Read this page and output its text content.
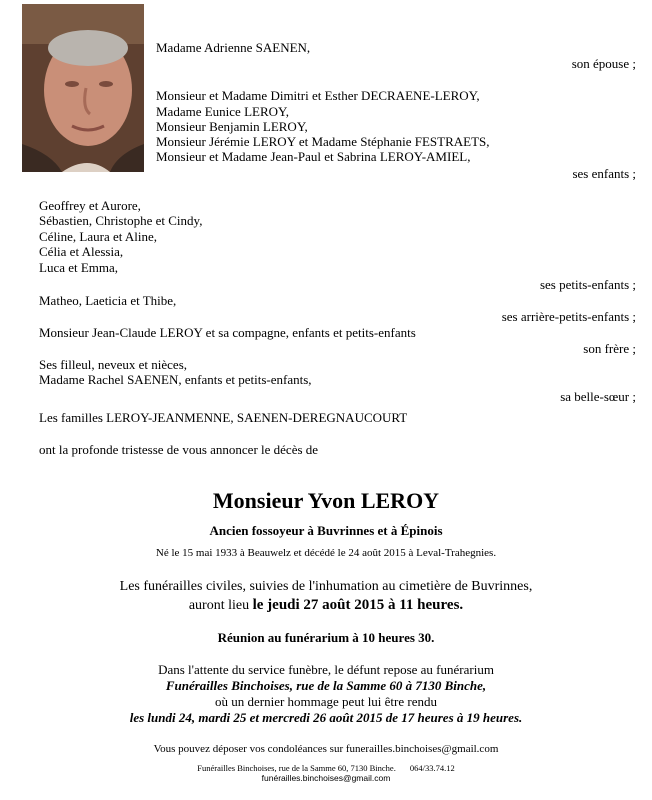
Madame Adrienne SAENEN,
son épouse ;
Monsieur et Madame Dimitri et Esther DECRAENE-LEROY,
Madame Eunice LEROY,
Monsieur Benjamin LEROY,
Monsieur Jérémie LEROY et Madame Stéphanie FESTRAETS,
Monsieur et Madame Jean-Paul et Sabrina LEROY-AMIEL,
ses enfants ;
Geoffrey et Aurore,
Sébastien, Christophe et Cindy,
Céline, Laura et Aline,
Célia et Alessia,
Luca et Emma,
ses petits-enfants ;
Matheo, Laeticia et Thibe,
ses arrière-petits-enfants ;
Monsieur Jean-Claude LEROY et sa compagne, enfants et petits-enfants
son frère ;
Ses filleul, neveux et nièces,
Madame Rachel SAENEN, enfants et petits-enfants,
sa belle-sœur ;
Les familles LEROY-JEANMENNE, SAENEN-DEREGNAUCOURT
ont la profonde tristesse de vous annoncer le décès de
Monsieur Yvon LEROY
Ancien fossoyeur à Buvrinnes et à Épinois
Né le 15 mai 1933 à Beauwelz et décédé le 24 août 2015 à Leval-Trahegnies.
Les funérailles civiles, suivies de l'inhumation au cimetière de Buvrinnes,
auront lieu le jeudi 27 août 2015 à 11 heures.
Réunion au funérarium à 10 heures 30.
Dans l'attente du service funèbre, le défunt repose au funérarium
Funérailles Binchoises, rue de la Samme 60 à 7130 Binche,
où un dernier hommage peut lui être rendu
les lundi 24, mardi 25 et mercredi 26 août 2015 de 17 heures à 19 heures.
Vous pouvez déposer vos condoléances sur funerailles.binchoises@gmail.com
Funérailles Binchoises, rue de la Samme 60, 7130 Binche. 064/33.74.12
funérailles.binchoises@gmail.com
